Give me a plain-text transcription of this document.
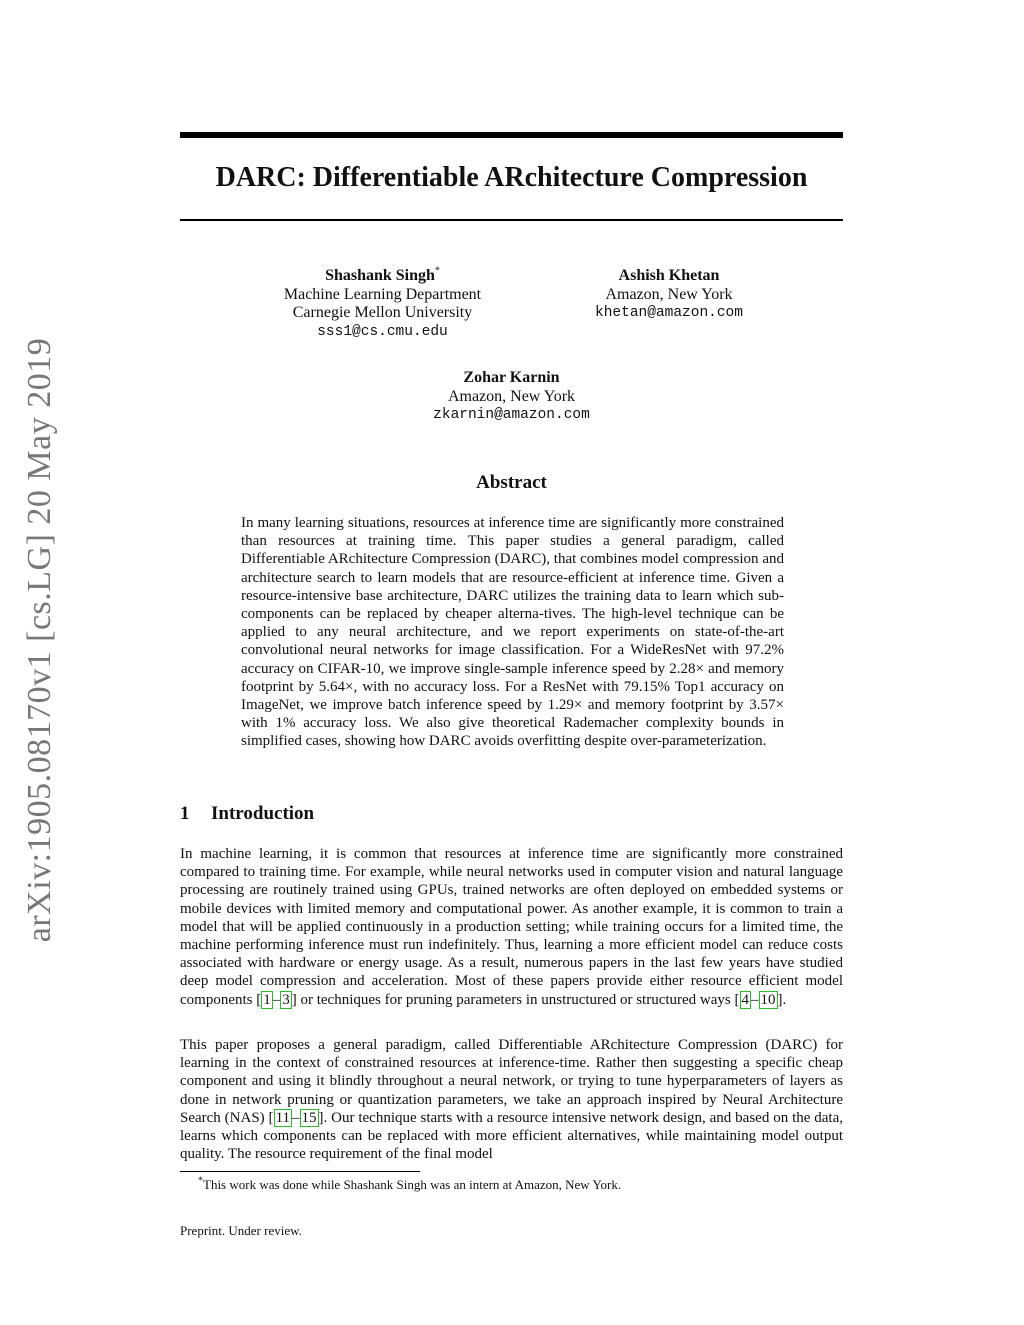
arXiv:1905.08170v1 [cs.LG] 20 May 2019
DARC: Differentiable ARchitecture Compression
Shashank Singh*
Machine Learning Department
Carnegie Mellon University
sss1@cs.cmu.edu
Ashish Khetan
Amazon, New York
khetan@amazon.com
Zohar Karnin
Amazon, New York
zkarnin@amazon.com
Abstract
In many learning situations, resources at inference time are significantly more constrained than resources at training time. This paper studies a general paradigm, called Differentiable ARchitecture Compression (DARC), that combines model compression and architecture search to learn models that are resource-efficient at inference time. Given a resource-intensive base architecture, DARC utilizes the training data to learn which sub-components can be replaced by cheaper alterna-tives. The high-level technique can be applied to any neural architecture, and we report experiments on state-of-the-art convolutional neural networks for image classification. For a WideResNet with 97.2% accuracy on CIFAR-10, we improve single-sample inference speed by 2.28× and memory footprint by 5.64×, with no accuracy loss. For a ResNet with 79.15% Top1 accuracy on ImageNet, we improve batch inference speed by 1.29× and memory footprint by 3.57× with 1% accuracy loss. We also give theoretical Rademacher complexity bounds in simplified cases, showing how DARC avoids overfitting despite over-parameterization.
1 Introduction

In machine learning, it is common that resources at inference time are significantly more constrained compared to training time. For example, while neural networks used in computer vision and natural language processing are routinely trained using GPUs, trained networks are often deployed on embedded systems or mobile devices with limited memory and computational power. As another example, it is common to train a model that will be applied continuously in a production setting; while training occurs for a limited time, the machine performing inference must run indefinitely. Thus, learning a more efficient model can reduce costs associated with hardware or energy usage. As a result, numerous papers in the last few years have studied deep model compression and acceleration. Most of these papers provide either resource efficient model components [ 1 – 3 ] or techniques for pruning parameters in unstructured or structured ways [ 4 – 10 ].

This paper proposes a general paradigm, called Differentiable ARchitecture Compression (DARC) for learning in the context of constrained resources at inference-time. Rather then suggesting a specific cheap component and using it blindly throughout a neural network, or trying to tune hyperparameters of layers as done in network pruning or quantization parameters, we take an approach inspired by Neural Architecture Search (NAS) [ 11 – 15 ]. Our technique starts with a resource intensive network design, and based on the data, learns which components can be replaced with more efficient alternatives, while maintaining model output quality. The resource requirement of the final model

*This work was done while Shashank Singh was an intern at Amazon, New York.
Preprint. Under review.
